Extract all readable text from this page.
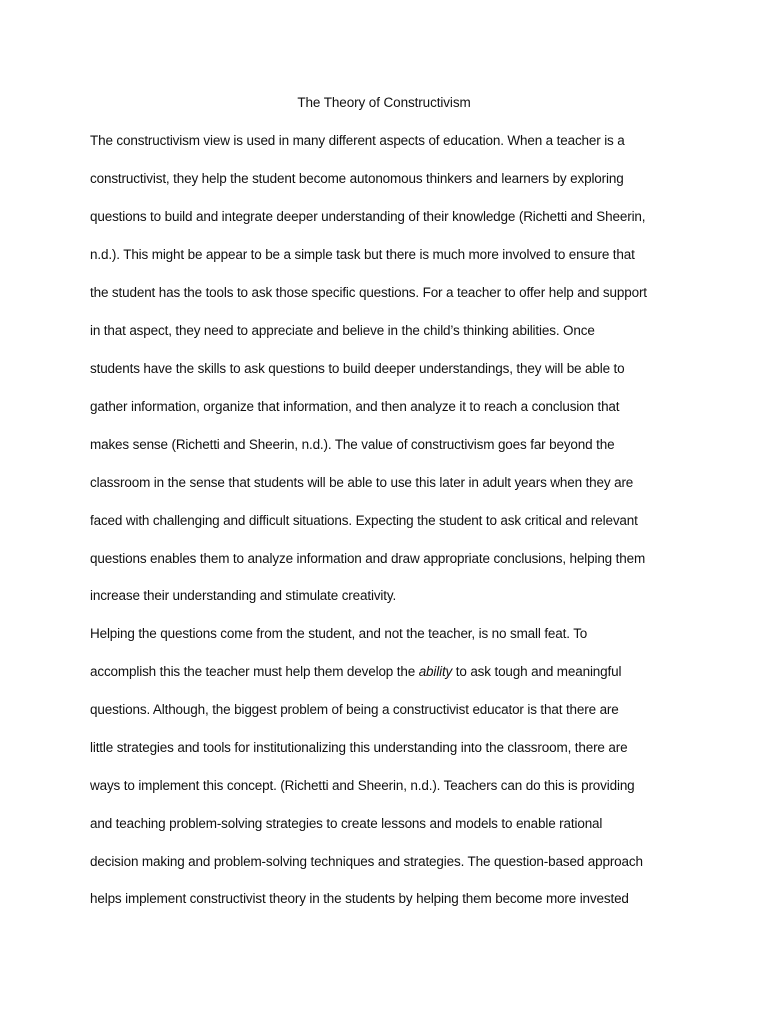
The Theory of Constructivism
The constructivism view is used in many different aspects of education. When a teacher is a
constructivist, they help the student become autonomous thinkers and learners by exploring
questions to build and integrate deeper understanding of their knowledge (Richetti and Sheerin,
n.d.). This might be appear to be a simple task but there is much more involved to ensure that
the student has the tools to ask those specific questions. For a teacher to offer help and support
in that aspect, they need to appreciate and believe in the child’s thinking abilities. Once
students have the skills to ask questions to build deeper understandings, they will be able to
gather information, organize that information, and then analyze it to reach a conclusion that
makes sense (Richetti and Sheerin, n.d.). The value of constructivism goes far beyond the
classroom in the sense that students will be able to use this later in adult years when they are
faced with challenging and difficult situations. Expecting the student to ask critical and relevant
questions enables them to analyze information and draw appropriate conclusions, helping them
increase their understanding and stimulate creativity.
Helping the questions come from the student, and not the teacher, is no small feat. To
accomplish this the teacher must help them develop the ability to ask tough and meaningful
questions. Although, the biggest problem of being a constructivist educator is that there are
little strategies and tools for institutionalizing this understanding into the classroom, there are
ways to implement this concept. (Richetti and Sheerin, n.d.). Teachers can do this is providing
and teaching problem-solving strategies to create lessons and models to enable rational
decision making and problem-solving techniques and strategies. The question-based approach
helps implement constructivist theory in the students by helping them become more invested
